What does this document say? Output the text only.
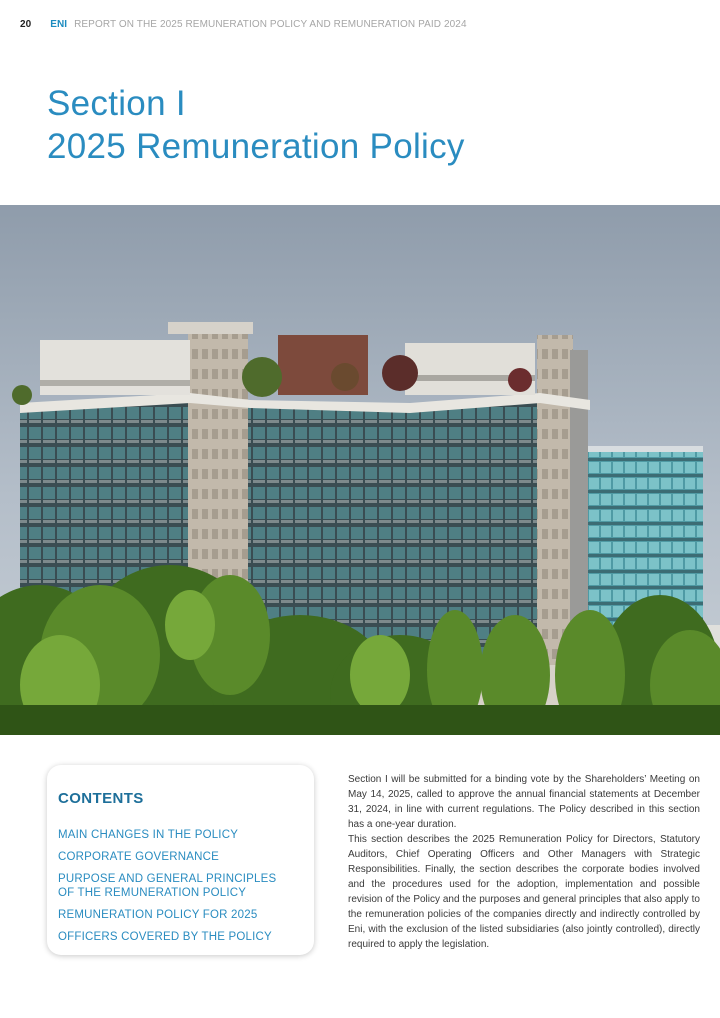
20 ENI REPORT ON THE 2025 REMUNERATION POLICY AND REMUNERATION PAID 2024
Section I
2025 Remuneration Policy
CONTENTS
MAIN CHANGES IN THE POLICY
CORPORATE GOVERNANCE
PURPOSE AND GENERAL PRINCIPLES
OF THE REMUNERATION POLICY
REMUNERATION POLICY FOR 2025
OFFICERS COVERED BY THE POLICY

Section I will be submitted for a binding vote by the Shareholders’ Meeting on May 14, 2025, called to approve the annual financial statements at December 31, 2024, in line with current regulations. The Policy described in this section has a one-year duration.

This section describes the 2025 Remuneration Policy for Directors, Statutory Auditors, Chief Operating Officers and Other Managers with Strategic Responsibilities. Finally, the section describes the corporate bodies involved and the procedures used for the adoption, implementation and possible revision of the Policy and the purposes and general principles that also apply to the remuneration policies of the companies directly and indirectly controlled by Eni, with the exclusion of the listed subsidiaries (also jointly controlled), directly required to apply the legislation.
